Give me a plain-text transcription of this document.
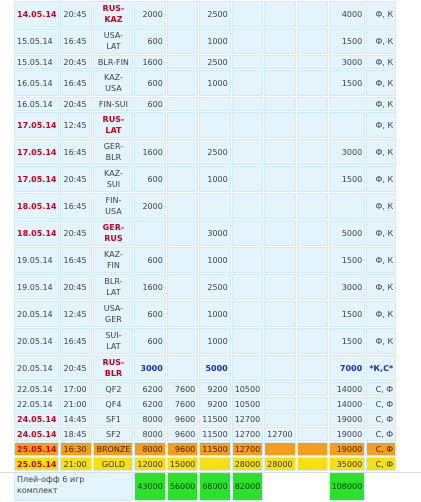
14.05.14	20:45	RUS-
KAZ	2000		2500				4000	Ф, К
15.05.14	16:45	USA-
LAT	600		1000				1500	Ф, К
15.05.14	20:45	BLR-FIN	1600		2500				3000	Ф, К
16.05.14	16:45	KAZ-
USA	600		1000				1500	Ф, К
16.05.14	20:45	FIN-SUI	600							Ф, К
17.05.14	12:45	RUS-
LAT								Ф, К
17.05.14	16:45	GER-
BLR	1600		2500				3000	Ф, К
17.05.14	20:45	KAZ-
SUI	600		1000				1500	Ф, К
18.05.14	16:45	FIN-
USA	2000							Ф, К
18.05.14	20:45	GER-
RUS			3000				5000	Ф, К
19.05.14	16:45	KAZ-
FIN	600		1000				1500	Ф, К
19.05.14	20:45	BLR-
LAT	1600		2500				3000	Ф, К
20.05.14	12:45	USA-
GER	600		1000				1500	Ф, К
20.05.14	16:45	SUI-
LAT	600		1000				1500	Ф, К
20.05.14	20:45	RUS-
BLR	3000		5000				7000	*К,С*
22.05.14	17:00	QF2	6200	7600	9200	10500			14000	С, Ф
22.05.14	21:00	QF4	6200	7600	9200	10500			14000	С, Ф
24.05.14	14:45	SF1	8000	9600	11500	12700			19000	С, Ф
24.05.14	18:45	SF2	8000	9600	11500	12700	12700		19000	С, Ф
25.05.14	16:30	BRONZE	8000	9600	11500	12700			19000	С, Ф
25.05.14	21:00	GOLD	12000	15000		28000	28000		35000	С, Ф

Плей-офф 6 игр
комплект			43000	56000	68000	82000			108000	
